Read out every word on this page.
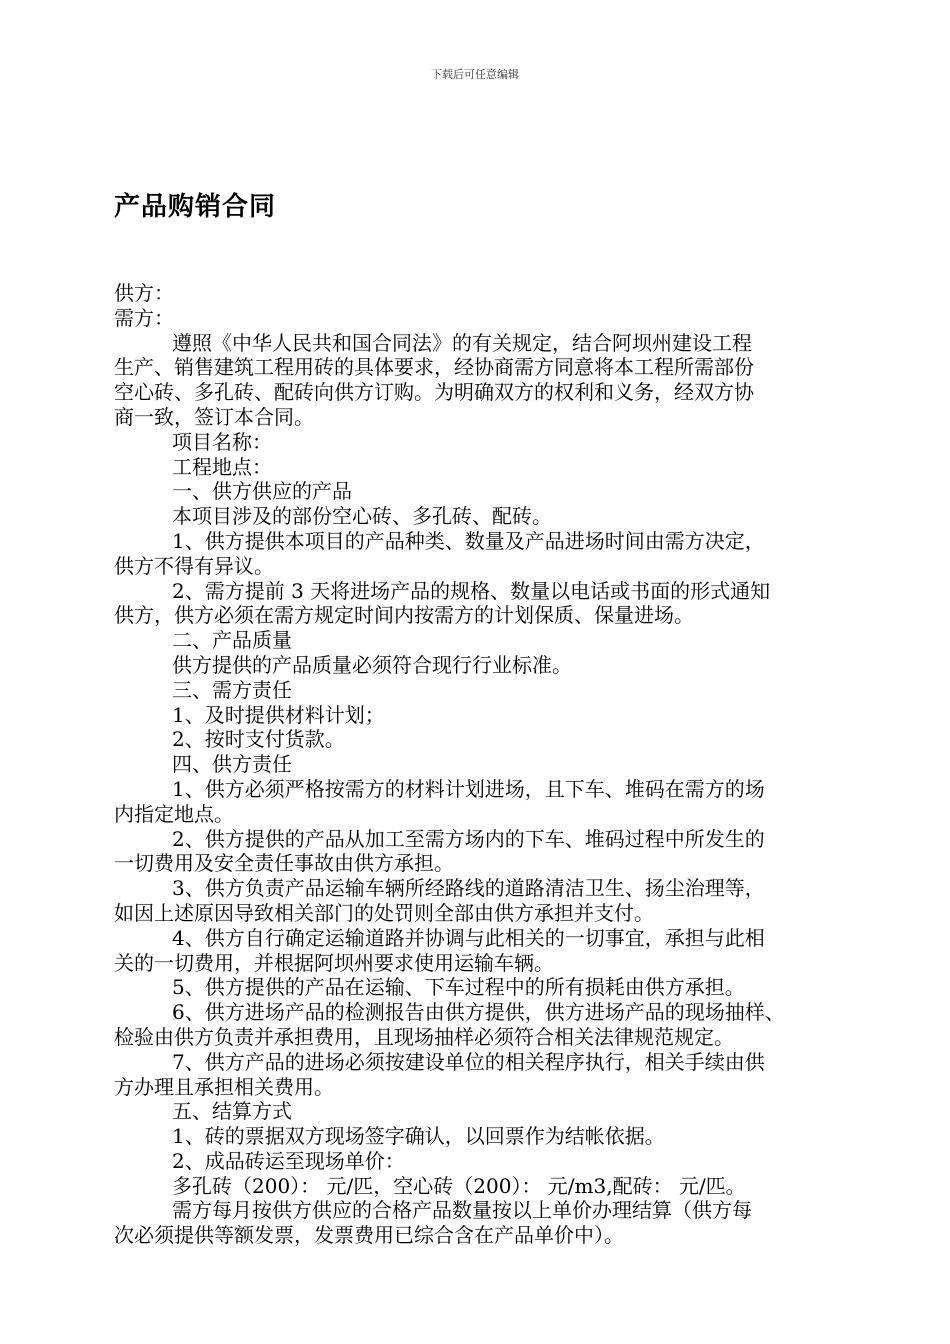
下载后可任意编辑
产品购销合同

供方：

需方：

遵照《中华人民共和国合同法》的有关规定，结合阿坝州建设工程

生产、销售建筑工程用砖的具体要求，经协商需方同意将本工程所需部份

空心砖、多孔砖、配砖向供方订购。为明确双方的权利和义务，经双方协

商一致，签订本合同。

项目名称：

工程地点：

一、供方供应的产品

本项目涉及的部份空心砖、多孔砖、配砖。

1、供方提供本项目的产品种类、数量及产品进场时间由需方决定，

供方不得有异议。

2、需方提前 3 天将进场产品的规格、数量以电话或书面的形式通知

供方，供方必须在需方规定时间内按需方的计划保质、保量进场。

二、产品质量

供方提供的产品质量必须符合现行行业标准。

三、需方责任

1、及时提供材料计划；

2、按时支付货款。

四、供方责任

1、供方必须严格按需方的材料计划进场，且下车、堆码在需方的场

内指定地点。

2、供方提供的产品从加工至需方场内的下车、堆码过程中所发生的

一切费用及安全责任事故由供方承担。

3、供方负责产品运输车辆所经路线的道路清洁卫生、扬尘治理等，

如因上述原因导致相关部门的处罚则全部由供方承担并支付。

4、供方自行确定运输道路并协调与此相关的一切事宜，承担与此相

关的一切费用，并根据阿坝州要求使用运输车辆。

5、供方提供的产品在运输、下车过程中的所有损耗由供方承担。

6、供方进场产品的检测报告由供方提供，供方进场产品的现场抽样、

检验由供方负责并承担费用，且现场抽样必须符合相关法律规范规定。

7、供方产品的进场必须按建设单位的相关程序执行，相关手续由供

方办理且承担相关费用。

五、结算方式

1、砖的票据双方现场签字确认，以回票作为结帐依据。

2、成品砖运至现场单价：

多孔砖（200）： 元/匹，空心砖（200）： 元/m3,配砖： 元/匹。

需方每月按供方供应的合格产品数量按以上单价办理结算（供方每

次必须提供等额发票，发票费用已综合含在产品单价中）。
